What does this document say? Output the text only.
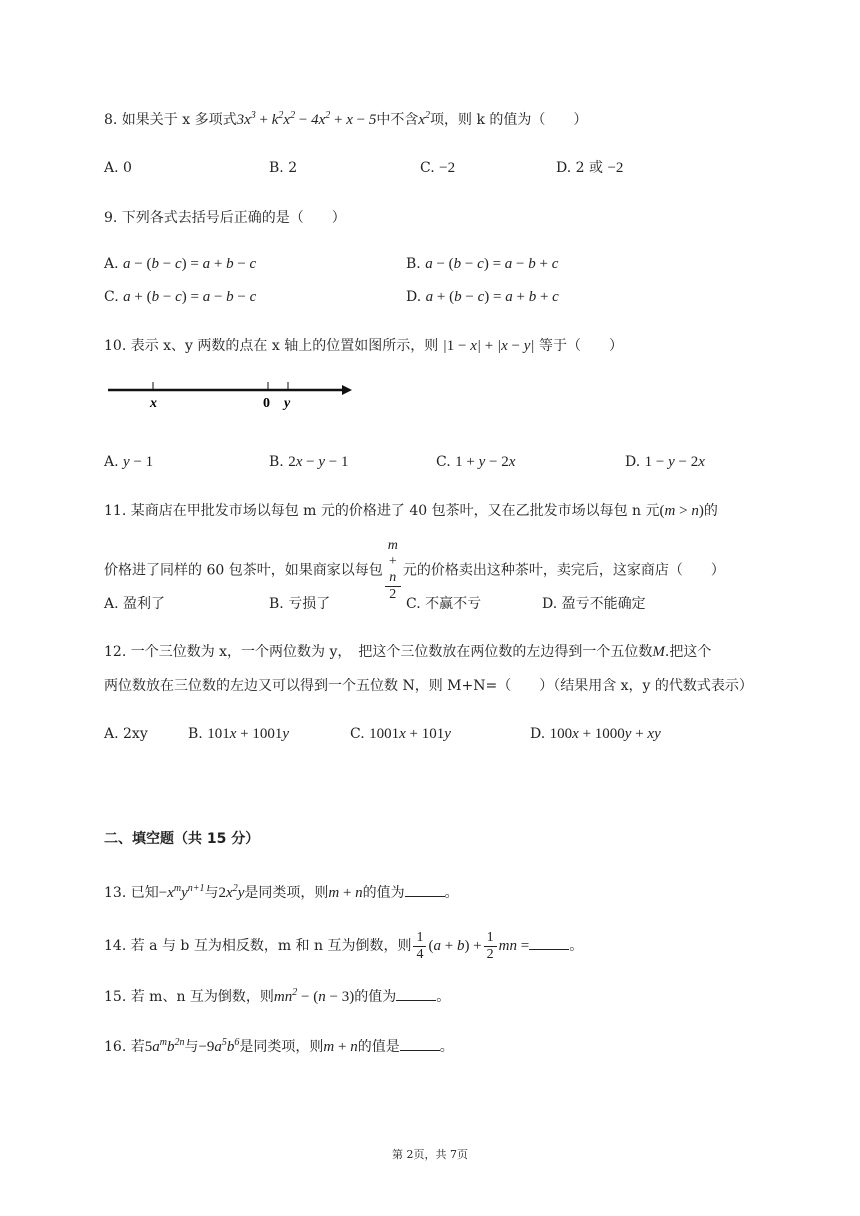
8. 如果关于 x 多项式$3x^3 + k^2x^2 - 4x^2 + x - 5$中不含$x^2$项，则 k 的值为（　　）
A. 0	B. 2	C. −2	D. 2 或 −2
9. 下列各式去括号后正确的是（　　）
A. a − (b − c) = a + b − c	B. a − (b − c) = a − b + c
C. a + (b − c) = a − b − c	D. a + (b − c) = a + b + c
10. 表示 x、y 两数的点在 x 轴上的位置如图所示，则 |1 − x| + |x − y| 等于（　　）
x	0 y
A. y − 1	B. 2x − y − 1	C. 1 + y − 2x	D. 1 − y − 2x
11. 某商店在甲批发市场以每包 m 元的价格进了 40 包茶叶，又在乙批发市场以每包 n 元(m > n)的
价格进了同样的 60 包茶叶，如果商家以每包 m
+
n
2 元的价格卖出这种茶叶，卖完后，这家商店（　　）
A. 盈利了	B. 亏损了	C. 不赢不亏	D. 盈亏不能确定
12. 一个三位数为 x，一个两位数为 y，　把这个三位数放在两位数的左边得到一个五位数M.把这个
两位数放在三位数的左边又可以得到一个五位数 N，则 M+N=（　　）（结果用含 x，y 的代数式表示）
A. 2xy	B. 101x + 1001y	C. 1001x + 101y	D. 100x + 1000y + xy
二、填空题（共 15 分）
13. 已知$-x^my^{n+1}$与$2x^2y$是同类项，则m + n的值为	。
14. 若 a 与 b 互为相反数，m 和 n 互为倒数，则 $\frac{1}{4} (a + b) + \frac{1}{2}$ mn =	。
15. 若 m、n 互为倒数，则$mn^2 - (n - 3)$的值为	。
16. 若$5a^mb^{2n}$与$-9a^5b^6$是同类项，则m + n的值是	。
第 2页，共 7页
